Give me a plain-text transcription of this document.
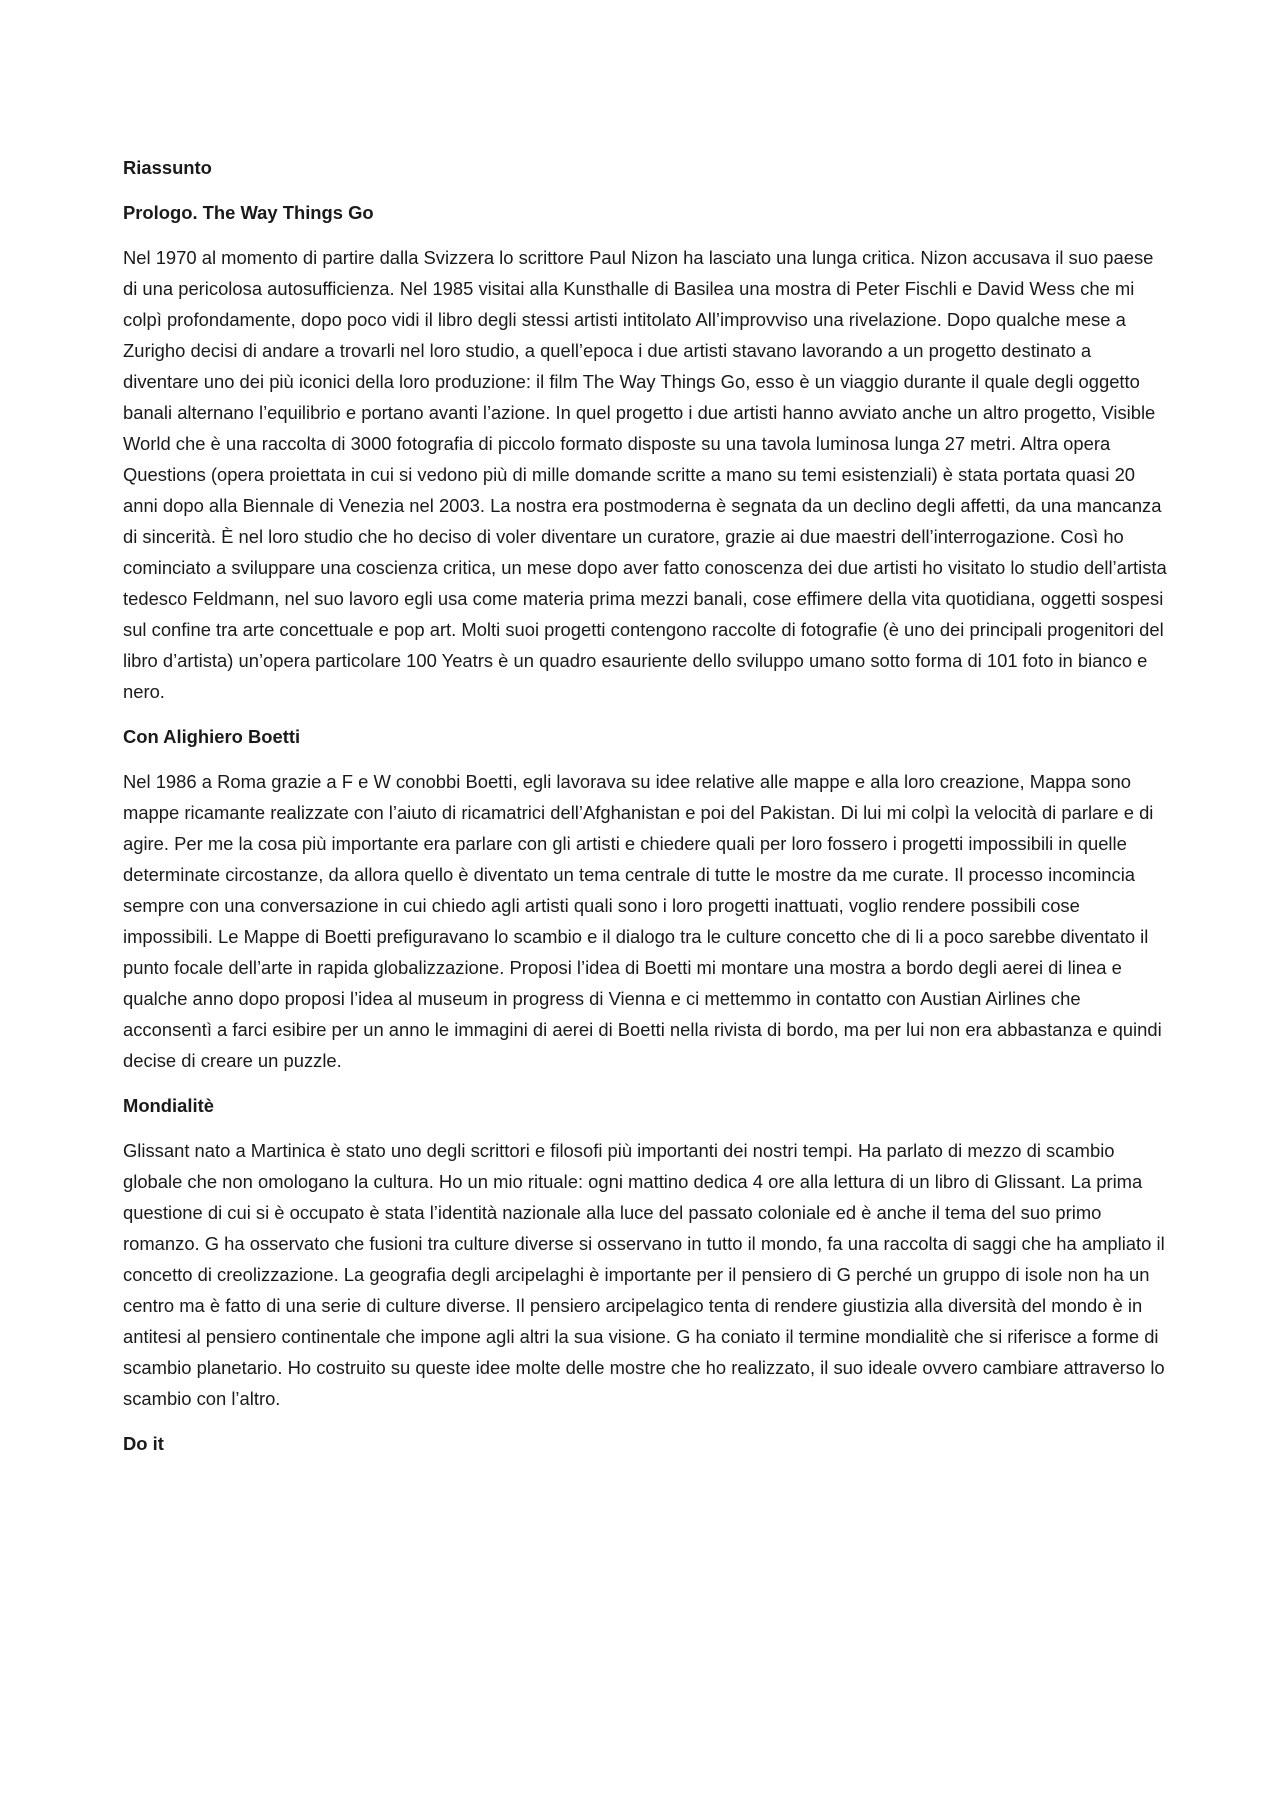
Riassunto
Prologo. The Way Things Go

Nel 1970 al momento di partire dalla Svizzera lo scrittore Paul Nizon ha lasciato una lunga critica. Nizon accusava il suo paese di una pericolosa autosufficienza. Nel 1985 visitai alla Kunsthalle di Basilea una mostra di Peter Fischli e David Wess che mi colpì profondamente, dopo poco vidi il libro degli stessi artisti intitolato All’improvviso una rivelazione. Dopo qualche mese a Zurigho decisi di andare a trovarli nel loro studio, a quell’epoca i due artisti stavano lavorando a un progetto destinato a diventare uno dei più iconici della loro produzione: il film The Way Things Go, esso è un viaggio durante il quale degli oggetto banali alternano l’equilibrio e portano avanti l’azione. In quel progetto i due artisti hanno avviato anche un altro progetto, Visible World che è una raccolta di 3000 fotografia di piccolo formato disposte su una tavola luminosa lunga 27 metri. Altra opera Questions (opera proiettata in cui si vedono più di mille domande scritte a mano su temi esistenziali) è stata portata quasi 20 anni dopo alla Biennale di Venezia nel 2003. La nostra era postmoderna è segnata da un declino degli affetti, da una mancanza di sincerità. È nel loro studio che ho deciso di voler diventare un curatore, grazie ai due maestri dell’interrogazione. Così ho cominciato a sviluppare una coscienza critica, un mese dopo aver fatto conoscenza dei due artisti ho visitato lo studio dell’artista tedesco Feldmann, nel suo lavoro egli usa come materia prima mezzi banali, cose effimere della vita quotidiana, oggetti sospesi sul confine tra arte concettuale e pop art. Molti suoi progetti contengono raccolte di fotografie (è uno dei principali progenitori del libro d’artista) un’opera particolare 100 Yeatrs è un quadro esauriente dello sviluppo umano sotto forma di 101 foto in bianco e nero.

Con Alighiero Boetti

Nel 1986 a Roma grazie a F e W conobbi Boetti, egli lavorava su idee relative alle mappe e alla loro creazione, Mappa sono mappe ricamante realizzate con l’aiuto di ricamatrici dell’Afghanistan e poi del Pakistan. Di lui mi colpì la velocità di parlare e di agire. Per me la cosa più importante era parlare con gli artisti e chiedere quali per loro fossero i progetti impossibili in quelle determinate circostanze, da allora quello è diventato un tema centrale di tutte le mostre da me curate. Il processo incomincia sempre con una conversazione in cui chiedo agli artisti quali sono i loro progetti inattuati, voglio rendere possibili cose impossibili. Le Mappe di Boetti prefiguravano lo scambio e il dialogo tra le culture concetto che di li a poco sarebbe diventato il punto focale dell’arte in rapida globalizzazione. Proposi l’idea di Boetti mi montare una mostra a bordo degli aerei di linea e qualche anno dopo proposi l’idea al museum in progress di Vienna e ci mettemmo in contatto con Austian Airlines che acconsentì a farci esibire per un anno le immagini di aerei di Boetti nella rivista di bordo, ma per lui non era abbastanza e quindi decise di creare un puzzle.

Mondialitè

Glissant nato a Martinica è stato uno degli scrittori e filosofi più importanti dei nostri tempi. Ha parlato di mezzo di scambio globale che non omologano la cultura. Ho un mio rituale: ogni mattino dedica 4 ore alla lettura di un libro di Glissant. La prima questione di cui si è occupato è stata l’identità nazionale alla luce del passato coloniale ed è anche il tema del suo primo romanzo. G ha osservato che fusioni tra culture diverse si osservano in tutto il mondo, fa una raccolta di saggi che ha ampliato il concetto di creolizzazione. La geografia degli arcipelaghi è importante per il pensiero di G perché un gruppo di isole non ha un centro ma è fatto di una serie di culture diverse. Il pensiero arcipelagico tenta di rendere giustizia alla diversità del mondo è in antitesi al pensiero continentale che impone agli altri la sua visione. G ha coniato il termine mondialitè che si riferisce a forme di scambio planetario. Ho costruito su queste idee molte delle mostre che ho realizzato, il suo ideale ovvero cambiare attraverso lo scambio con l’altro.

Do it
